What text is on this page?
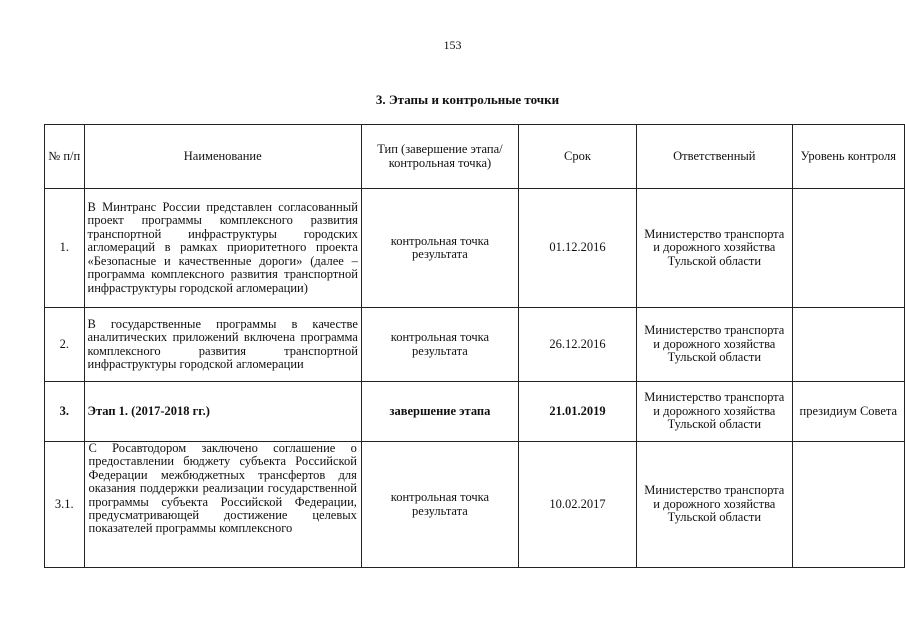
153
3. Этапы и контрольные точки
№ п/п	Наименование	Тип (завершение этапа/контрольная точка)	Срок	Ответственный	Уровень контроля
1.	В Минтранс России представлен согласованный проект программы комплексного развития транспортной инфраструктуры городских агломераций в рамках приоритетного проекта «Безопасные и качественные дороги» (далее – программа комплексного развития транспортной инфраструктуры городской агломерации)	контрольная точка результата	01.12.2016	Министерство транспорта и дорожного хозяйства Тульской области	
2.	В государственные программы в качестве аналитических приложений включена программа комплексного развития транспортной инфраструктуры городской агломерации	контрольная точка результата	26.12.2016	Министерство транспорта и дорожного хозяйства Тульской области	
3.	Этап 1. (2017-2018 гг.)	завершение этапа	21.01.2019	Министерство транспорта и дорожного хозяйства Тульской области	президиум Совета
3.1.	С Росавтодором заключено соглашение о предоставлении бюджету субъекта Российской Федерации межбюджетных трансфертов для оказания поддержки реализации государственной программы субъекта Российской Федерации, предусматривающей достижение целевых показателей программы комплексного	контрольная точка результата	10.02.2017	Министерство транспорта и дорожного хозяйства Тульской области	
